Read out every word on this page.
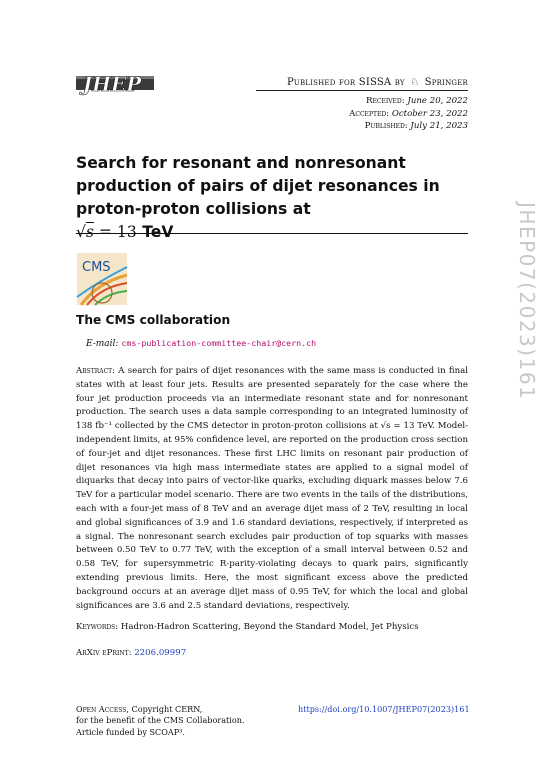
JHEP	Published for SISSA by ♘ Springer
Received: June 20, 2022
Accepted: October 23, 2022
Published: July 21, 2023
Search for resonant and nonresonant production of pairs of dijet resonances in proton-proton collisions at
√s = 13 TeV
CMS
The CMS collaboration
E-mail: cms-publication-committee-chair@cern.ch
Abstract: A search for pairs of dijet resonances with the same mass is conducted in final states with at least four jets. Results are presented separately for the case where the four jet production proceeds via an intermediate resonant state and for nonresonant production. The search uses a data sample corresponding to an integrated luminosity of 138 fb⁻¹ collected by the CMS detector in proton-proton collisions at √s = 13 TeV. Model-independent limits, at 95% confidence level, are reported on the production cross section of four-jet and dijet resonances. These first LHC limits on resonant pair production of dijet resonances via high mass intermediate states are applied to a signal model of diquarks that decay into pairs of vector-like quarks, excluding diquark masses below 7.6 TeV for a particular model scenario. There are two events in the tails of the distributions, each with a four-jet mass of 8 TeV and an average dijet mass of 2 TeV, resulting in local and global significances of 3.9 and 1.6 standard deviations, respectively, if interpreted as a signal. The nonresonant search excludes pair production of top squarks with masses between 0.50 TeV to 0.77 TeV, with the exception of a small interval between 0.52 and 0.58 TeV, for supersymmetric R-parity-violating decays to quark pairs, significantly extending previous limits. Here, the most significant excess above the predicted background occurs at an average dijet mass of 0.95 TeV, for which the local and global significances are 3.6 and 2.5 standard deviations, respectively.
Keywords: Hadron-Hadron Scattering, Beyond the Standard Model, Jet Physics
ArXiv ePrint: 2206.09997
Open Access, Copyright CERN,
for the benefit of the CMS Collaboration.
Article funded by SCOAP³.
https://doi.org/10.1007/JHEP07(2023)161
JHEP07(2023)161
